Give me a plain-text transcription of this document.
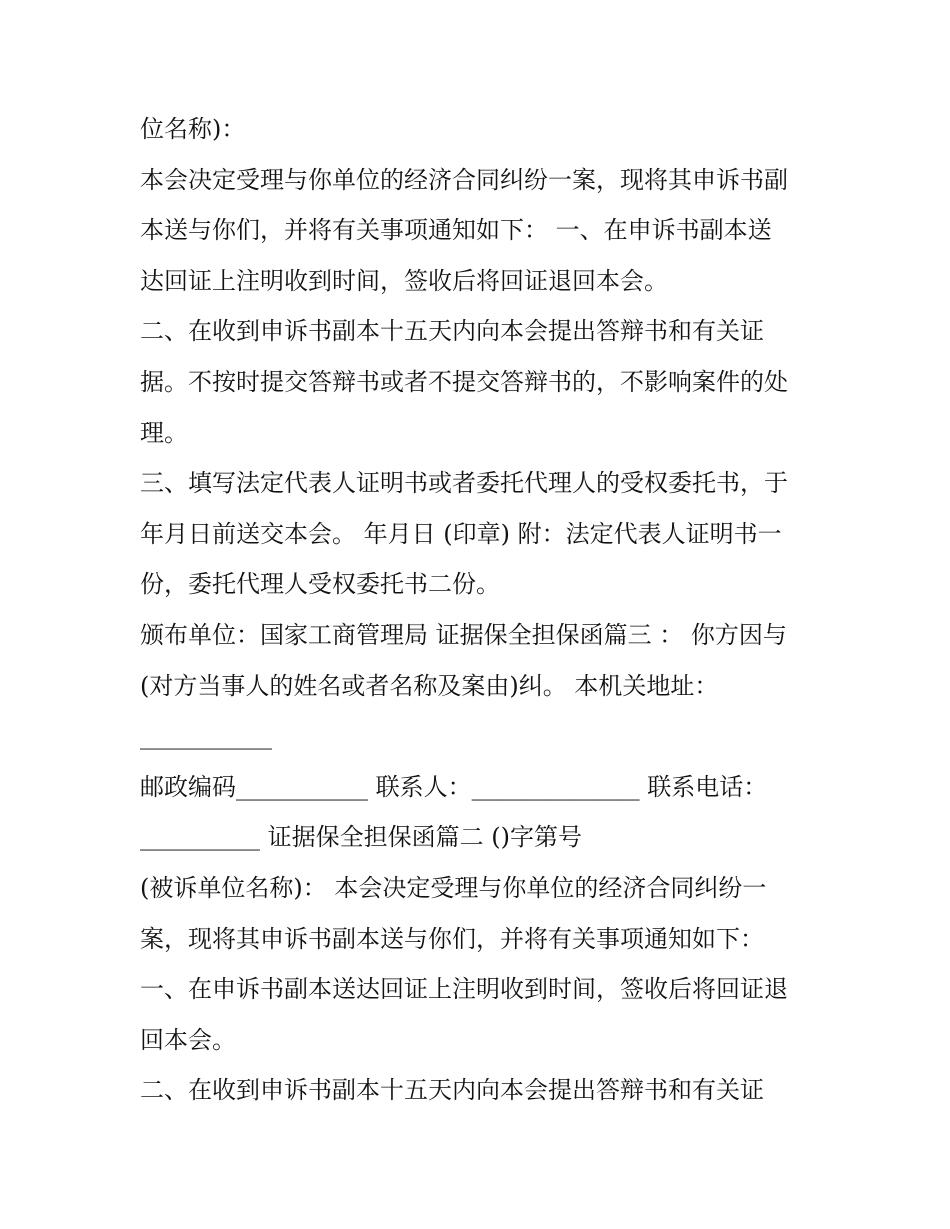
位名称)：
本会决定受理与你单位的经济合同纠纷一案，现将其申诉书副
本送与你们，并将有关事项通知如下： 一、在申诉书副本送
达回证上注明收到时间，签收后将回证退回本会。
二、在收到申诉书副本十五天内向本会提出答辩书和有关证
据。不按时提交答辩书或者不提交答辩书的，不影响案件的处
理。
三、填写法定代表人证明书或者委托代理人的受权委托书，于
年月日前送交本会。 年月日 (印章) 附：法定代表人证明书一
份，委托代理人受权委托书二份。
颁布单位：国家工商管理局 证据保全担保函篇三 ： 你方因与
(对方当事人的姓名或者名称及案由)纠。 本机关地址：
___________
邮政编码___________ 联系人：______________ 联系电话：
__________ 证据保全担保函篇二 ()字第号
(被诉单位名称)： 本会决定受理与你单位的经济合同纠纷一
案，现将其申诉书副本送与你们，并将有关事项通知如下：
一、在申诉书副本送达回证上注明收到时间，签收后将回证退
回本会。
二、在收到申诉书副本十五天内向本会提出答辩书和有关证
